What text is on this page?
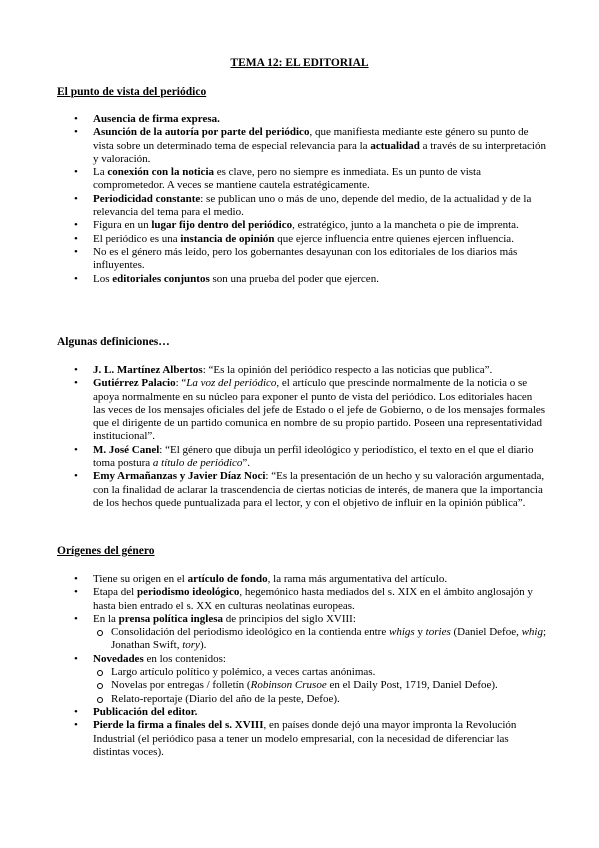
TEMA 12: EL EDITORIAL
El punto de vista del periódico
• Ausencia de firma expresa.
• Asunción de la autoría por parte del periódico, que manifiesta mediante este género su punto de vista sobre un determinado tema de especial relevancia para la actualidad a través de su interpretación y valoración.
• La conexión con la noticia es clave, pero no siempre es inmediata. Es un punto de vista comprometedor. A veces se mantiene cautela estratégicamente.
• Periodicidad constante: se publican uno o más de uno, depende del medio, de la actualidad y de la relevancia del tema para el medio.
• Figura en un lugar fijo dentro del periódico, estratégico, junto a la mancheta o pie de imprenta.
• El periódico es una instancia de opinión que ejerce influencia entre quienes ejercen influencia.
• No es el género más leído, pero los gobernantes desayunan con los editoriales de los diarios más influyentes.
• Los editoriales conjuntos son una prueba del poder que ejercen.
Algunas definiciones…
• J. L. Martínez Albertos: “Es la opinión del periódico respecto a las noticias que publica”.
• Gutiérrez Palacio: “La voz del periódico, el artículo que prescinde normalmente de la noticia o se apoya normalmente en su núcleo para exponer el punto de vista del periódico. Los editoriales hacen las veces de los mensajes oficiales del jefe de Estado o el jefe de Gobierno, o de los mensajes formales que el dirigente de un partido comunica en nombre de su propio partido. Poseen una representatividad institucional”.
• M. José Canel: “El género que dibuja un perfil ideológico y periodístico, el texto en el que el diario toma postura a título de periódico”.
• Emy Armañanzas y Javier Díaz Noci: “Es la presentación de un hecho y su valoración argumentada, con la finalidad de aclarar la trascendencia de ciertas noticias de interés, de manera que la importancia de los hechos quede puntualizada para el lector, y con el objetivo de influir en la opinión pública”.
Orígenes del género
• Tiene su origen en el artículo de fondo, la rama más argumentativa del artículo.
• Etapa del periodismo ideológico, hegemónico hasta mediados del s. XIX en el ámbito anglosajón y hasta bien entrado el s. XX en culturas neolatinas europeas.
• En la prensa política inglesa de principios del siglo XVIII:
Consolidación del periodismo ideológico en la contienda entre whigs y tories (Daniel Defoe, whig; Jonathan Swift, tory).
• Novedades en los contenidos:
Largo artículo político y polémico, a veces cartas anónimas.
Novelas por entregas / folletín (Robinson Crusoe en el Daily Post, 1719, Daniel Defoe).
Relato-reportaje (Diario del año de la peste, Defoe).
• Publicación del editor.
• Pierde la firma a finales del s. XVIII, en países donde dejó una mayor impronta la Revolución Industrial (el periódico pasa a tener un modelo empresarial, con la necesidad de diferenciar las distintas voces).
